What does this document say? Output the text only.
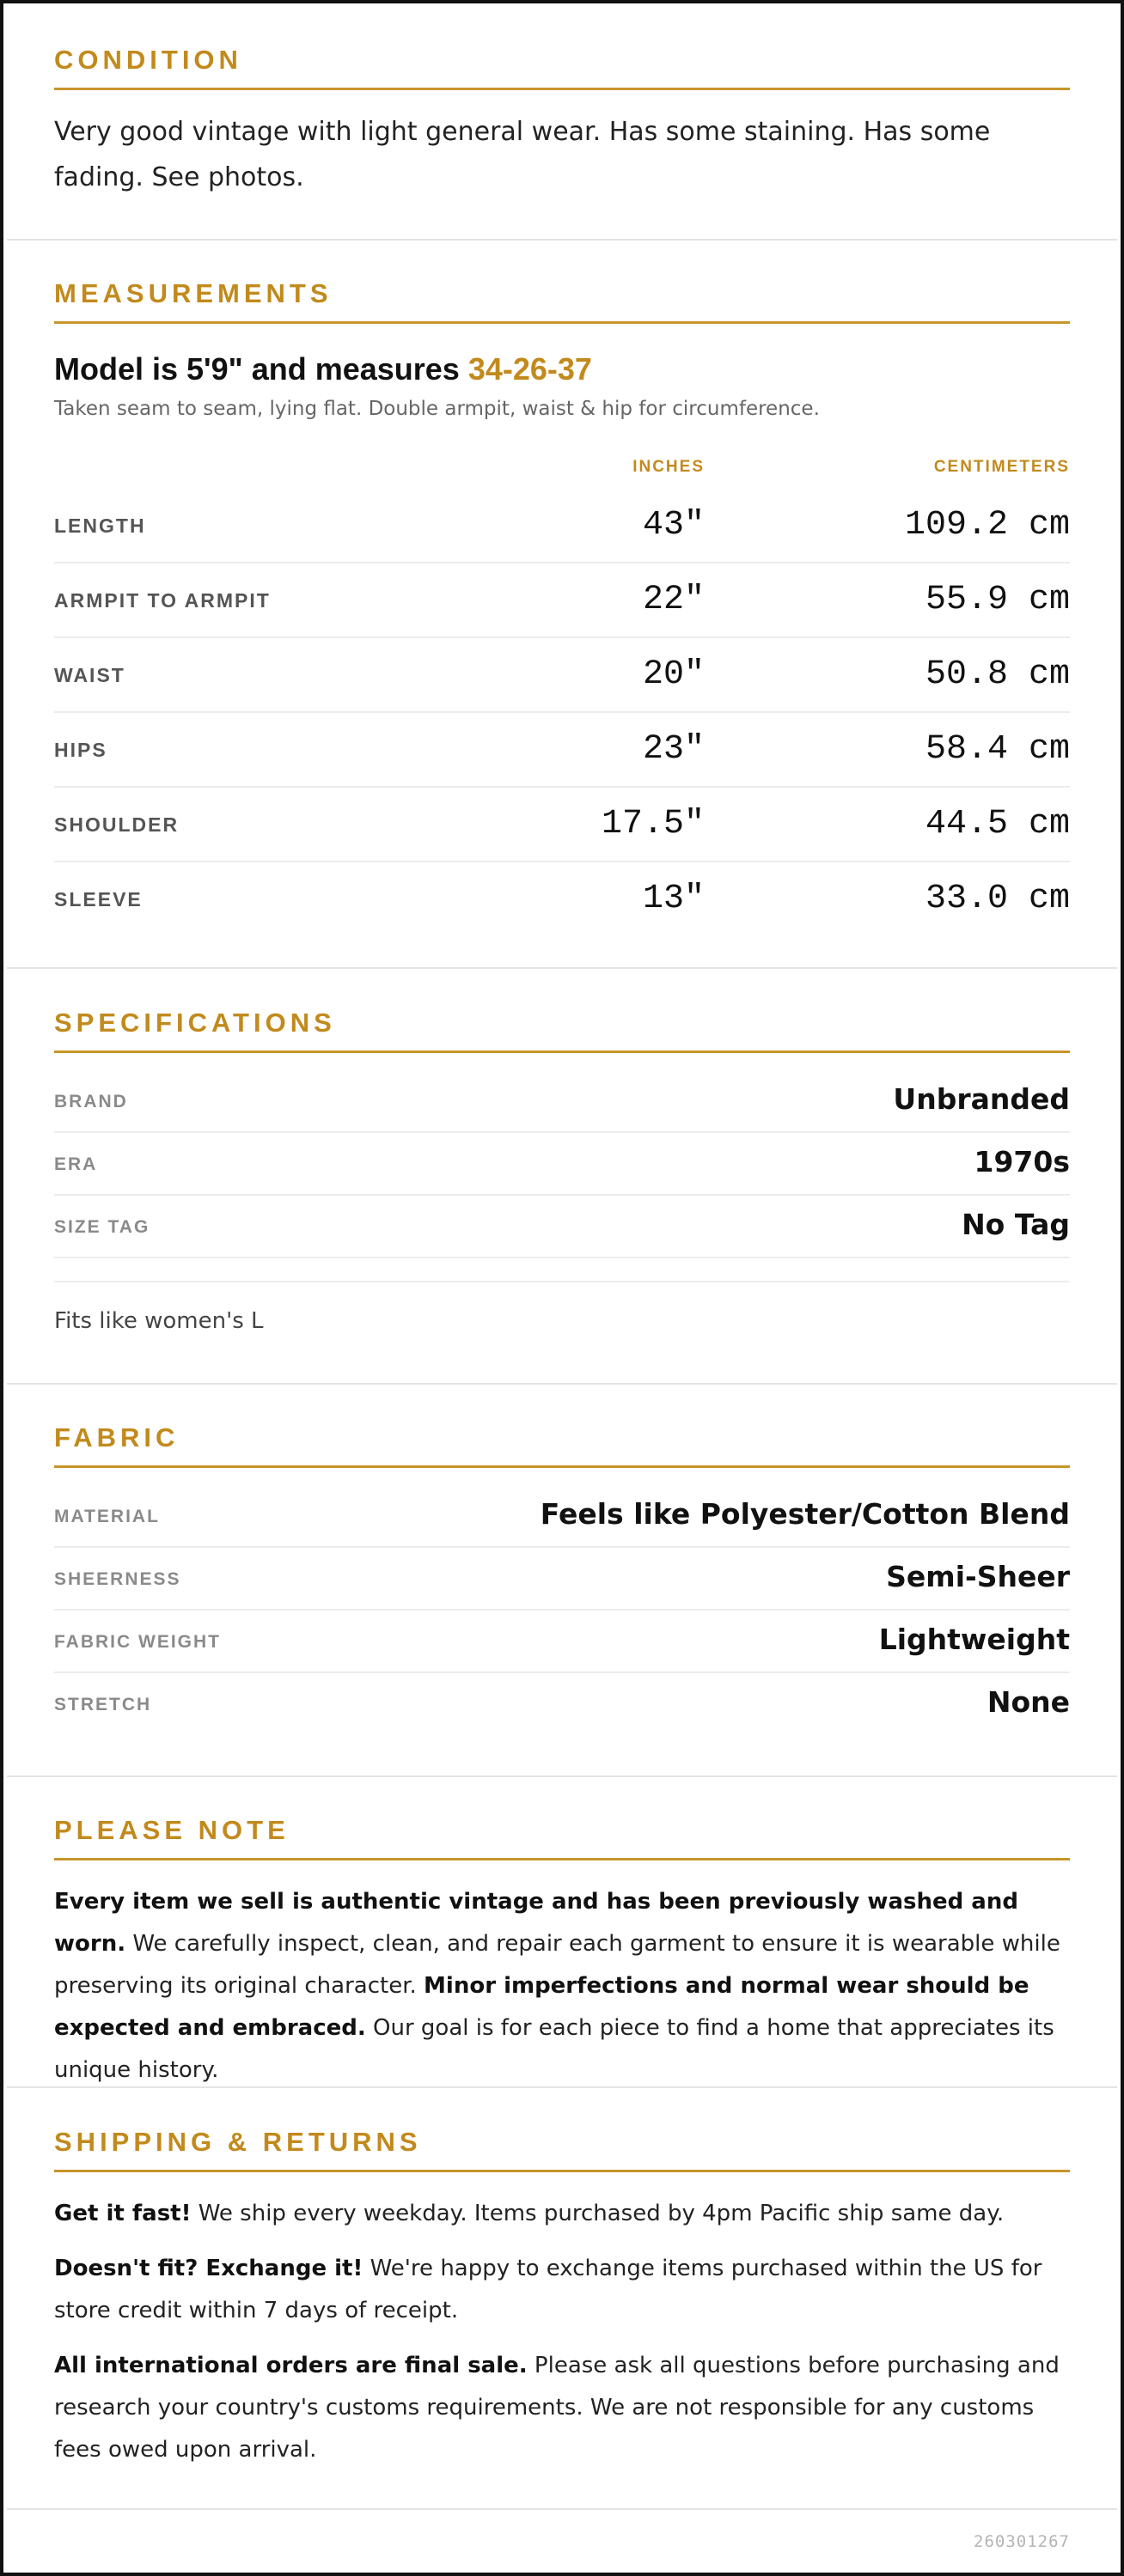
CONDITION
Very good vintage with light general wear. Has some staining. Has some fading. See photos.
MEASUREMENTS
Model is 5'9" and measures 34-26-37
Taken seam to seam, lying flat. Double armpit, waist & hip for circumference.
INCHES	CENTIMETERS
LENGTH	43"	109.2 cm
ARMPIT TO ARMPIT	22"	55.9 cm
WAIST	20"	50.8 cm
HIPS	23"	58.4 cm
SHOULDER	17.5"	44.5 cm
SLEEVE	13"	33.0 cm
SPECIFICATIONS
BRAND	Unbranded
ERA	1970s
SIZE TAG	No Tag
Fits like women's L
FABRIC
MATERIAL	Feels like Polyester/Cotton Blend
SHEERNESS	Semi-Sheer
FABRIC WEIGHT	Lightweight
STRETCH	None
PLEASE NOTE
Every item we sell is authentic vintage and has been previously washed and worn. We carefully inspect, clean, and repair each garment to ensure it is wearable while preserving its original character. Minor imperfections and normal wear should be expected and embraced. Our goal is for each piece to find a home that appreciates its unique history.
SHIPPING & RETURNS
Get it fast! We ship every weekday. Items purchased by 4pm Pacific ship same day.
Doesn't fit? Exchange it! We're happy to exchange items purchased within the US for store credit within 7 days of receipt.
All international orders are final sale. Please ask all questions before purchasing and research your country's customs requirements. We are not responsible for any customs fees owed upon arrival.
260301267
